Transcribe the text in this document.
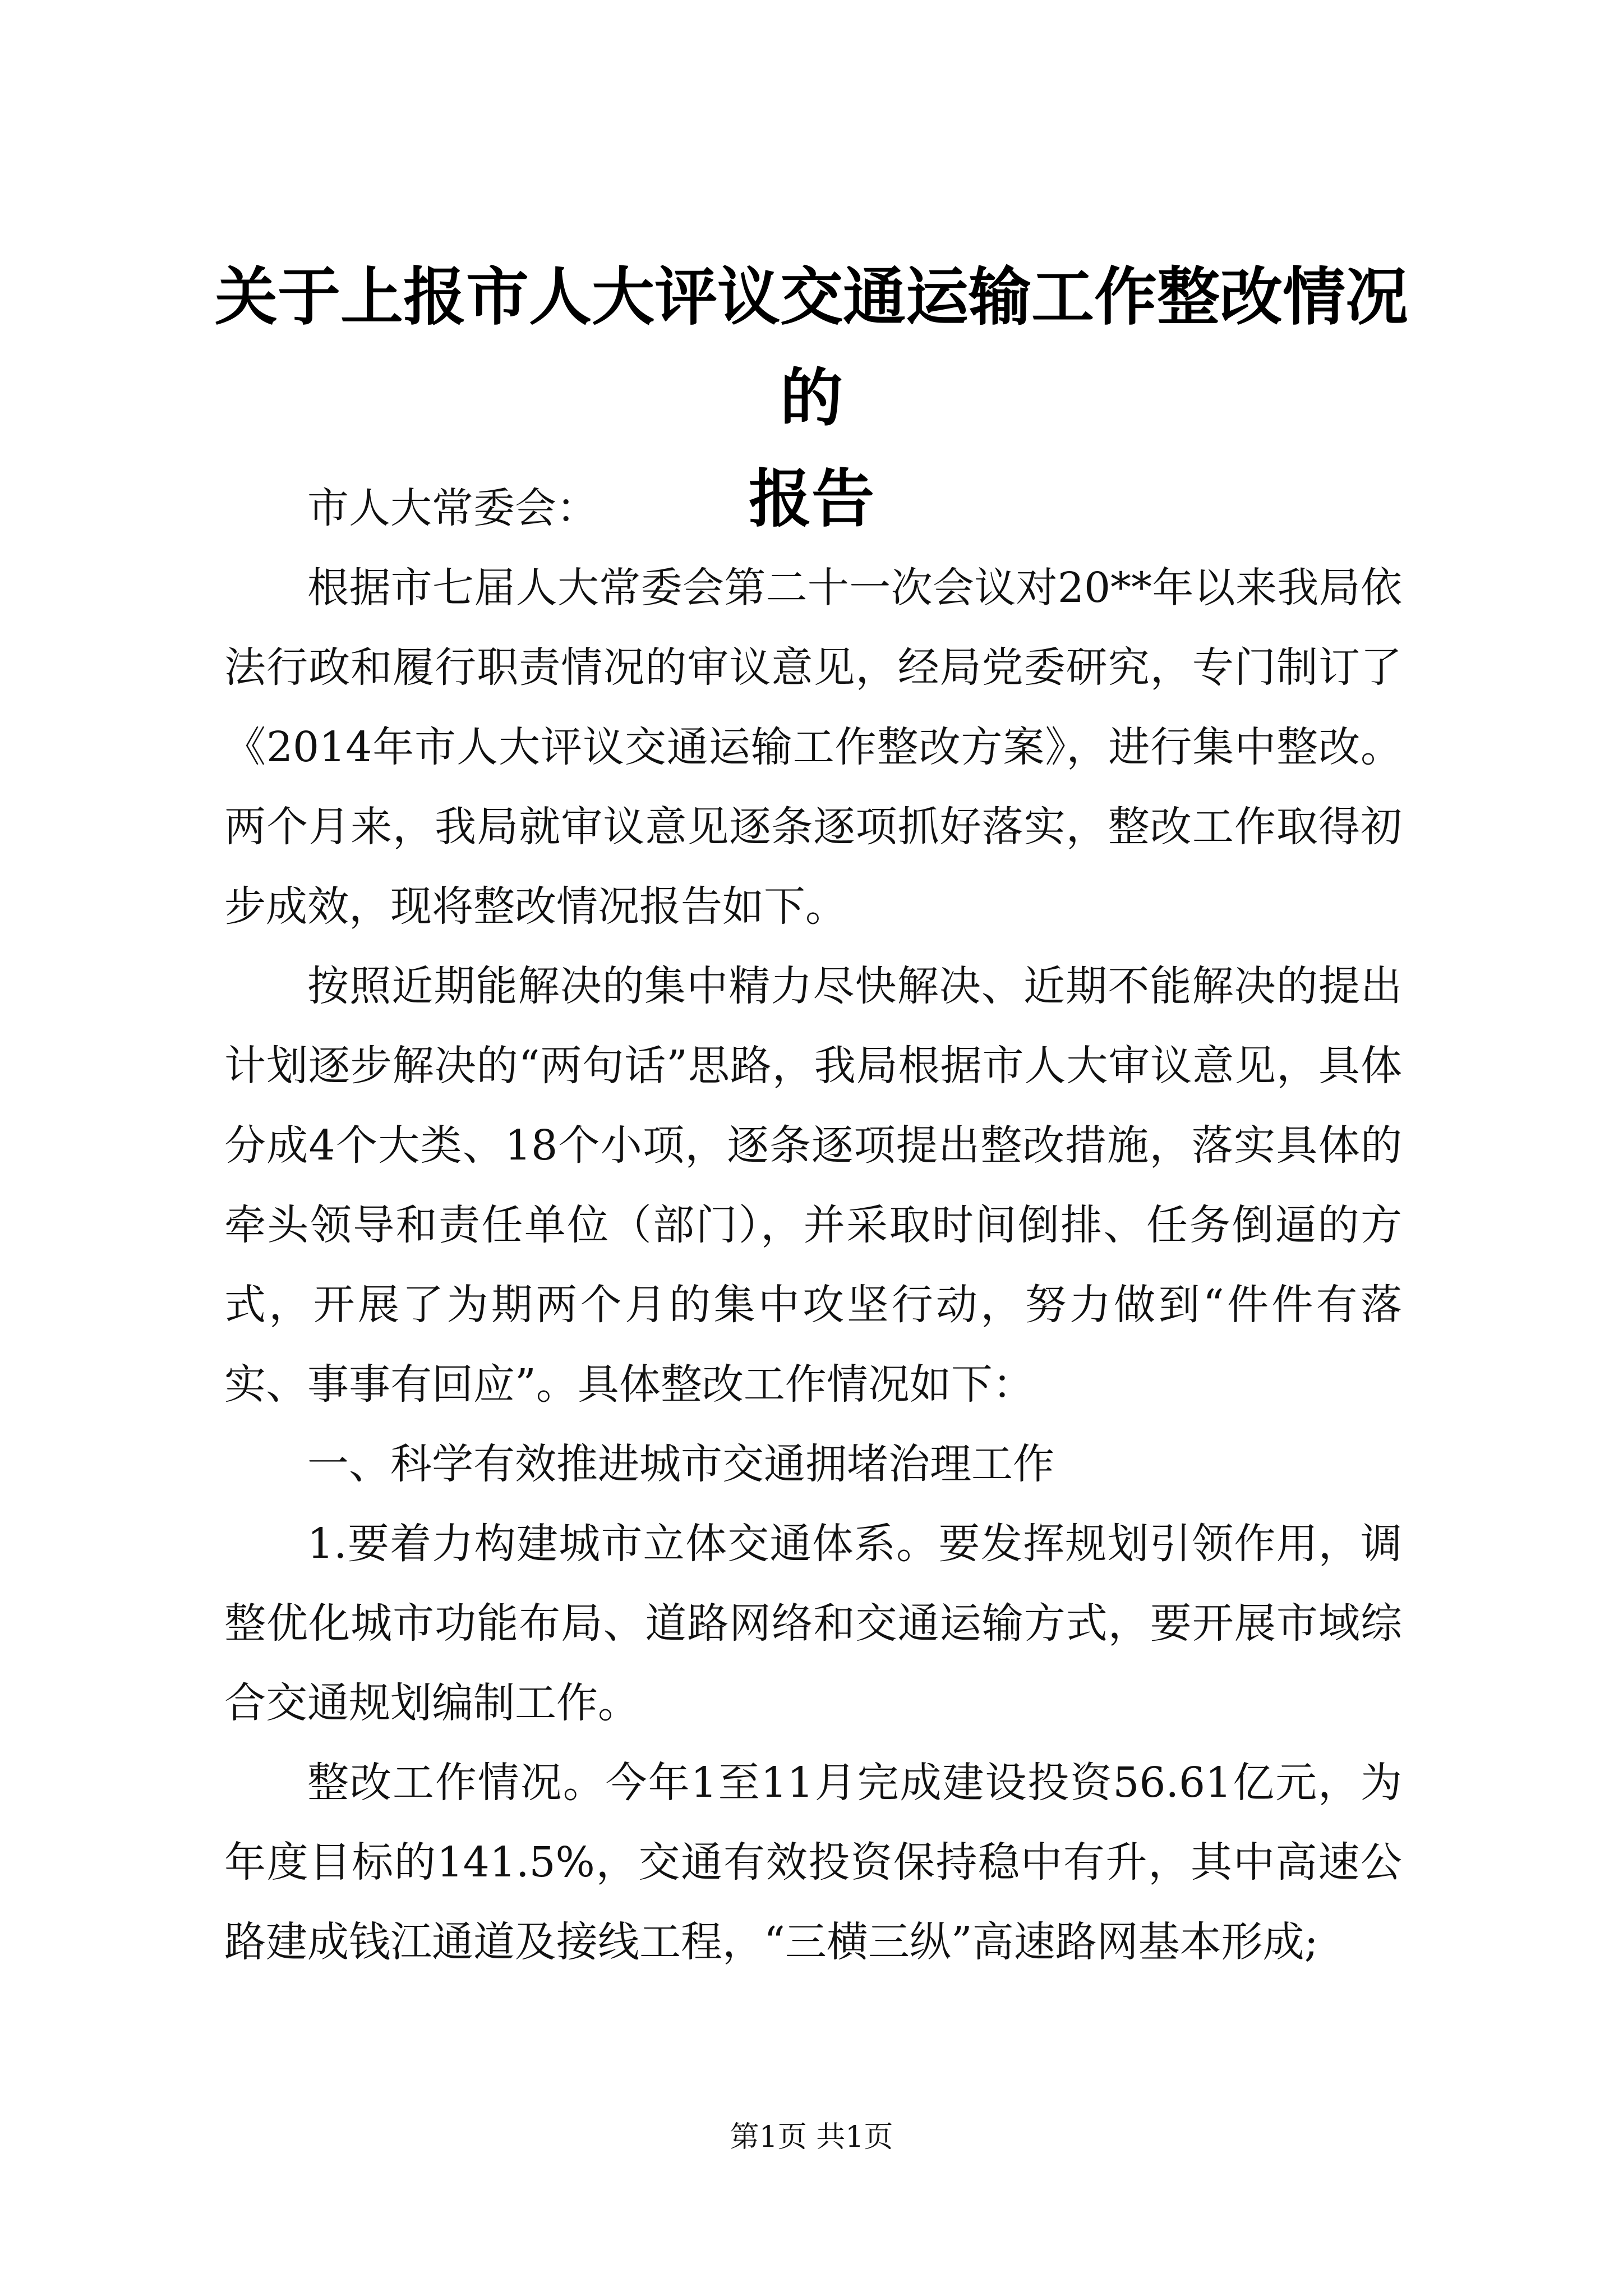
关于上报市人大评议交通运输工作整改情况的
报告

市人大常委会：

根据市七届人大常委会第二十一次会议对20**年以来我局依法行政和履行职责情况的审议意见，经局党委研究，专门制订了《2014年市人大评议交通运输工作整改方案》，进行集中整改。两个月来，我局就审议意见逐条逐项抓好落实，整改工作取得初步成效，现将整改情况报告如下。

按照近期能解决的集中精力尽快解决、近期不能解决的提出计划逐步解决的“两句话”思路，我局根据市人大审议意见，具体分成4个大类、18个小项，逐条逐项提出整改措施，落实具体的牵头领导和责任单位（部门），并采取时间倒排、任务倒逼的方式，开展了为期两个月的集中攻坚行动，努力做到“件件有落实、事事有回应”。具体整改工作情况如下：

一、科学有效推进城市交通拥堵治理工作

1.要着力构建城市立体交通体系。要发挥规划引领作用，调整优化城市功能布局、道路网络和交通运输方式，要开展市域综合交通规划编制工作。

整改工作情况。今年1至11月完成建设投资56.61亿元，为年度目标的141.5%，交通有效投资保持稳中有升，其中高速公路建成钱江通道及接线工程，“三横三纵”高速路网基本形成;

第1页 共1页
